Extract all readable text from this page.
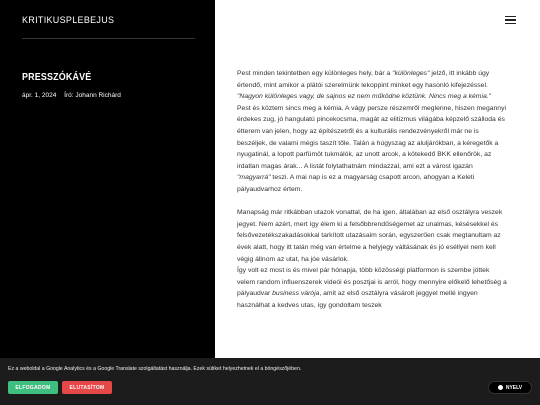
KRITIKUSPLEBEJUS
PRESSZÓKÁVÉ
ápr. 1, 2024 Író: Johann Richárd

Pest minden tekintetben egy különleges hely, bár a "különleges" jelző, itt inkább úgy értendő, mint amikor a plátói szerelmünk lekoppint minket egy hasonló kifejezéssel. "Nagyon különleges vagy, de sajnos ez nem működne köztünk. Nincs meg a kémia."

Pest és köztem sincs meg a kémia. A vágy persze részemről meglenne, hiszen megannyi érdekes zug, jó hangulatú pincekocsma, magát az elitizmus világába képzelő szálloda és étterem van jelen, hogy az építészetről és a kulturális rendezvényekről már ne is beszéljek, de valami mégis taszít tőle. Talán a húgyszag az aluljárókban, a kéregetők a nyugatinál, a lopott parfümöt tukmálók, az unott arcok, a kötekedő BKK ellenőrök, az irdatlan magas árak... A listát folytathatnám mindazzal, ami ezt a várost igazán "magyarrá" teszi. A mai nap is ez a magyarság csapott arcon, ahogyan a Keleti pályaudvarhoz értem.

Manapság már ritkábban utazok vonattal, de ha igen, általában az első osztályra veszek jegyet. Nem azért, mert így élem ki a felsőbbrendűségemet az unalmas, késésekkel és felsővezetékszakadásokkal tarkított utazásaim során, egyszerűen csak megtanultam az évek alatt, hogy itt talán még van értelme a helyjegy váltásának és jó eséllyel nem kell végig állnom az utat, ha jóe vásárlok.

Így volt ez most is és mivel pár hónapja, több közösségi platformon is szembe jöttek velem random influenszerek videói és posztjai is arról, hogy mennyire előkelő lehetőség a pályaudvar business várója, amit az első osztályra vásárolt jeggyel mellé ingyen használhat a kedves utas, így gondoltam teszek

Ez a weboldal a Google Analytics és a Google Translate szolgáltatást használja. Ezek sütiket helyezhetnek el a böngészőjében.
ELFOGADOM	ELUTASÍTOM	NYELV
